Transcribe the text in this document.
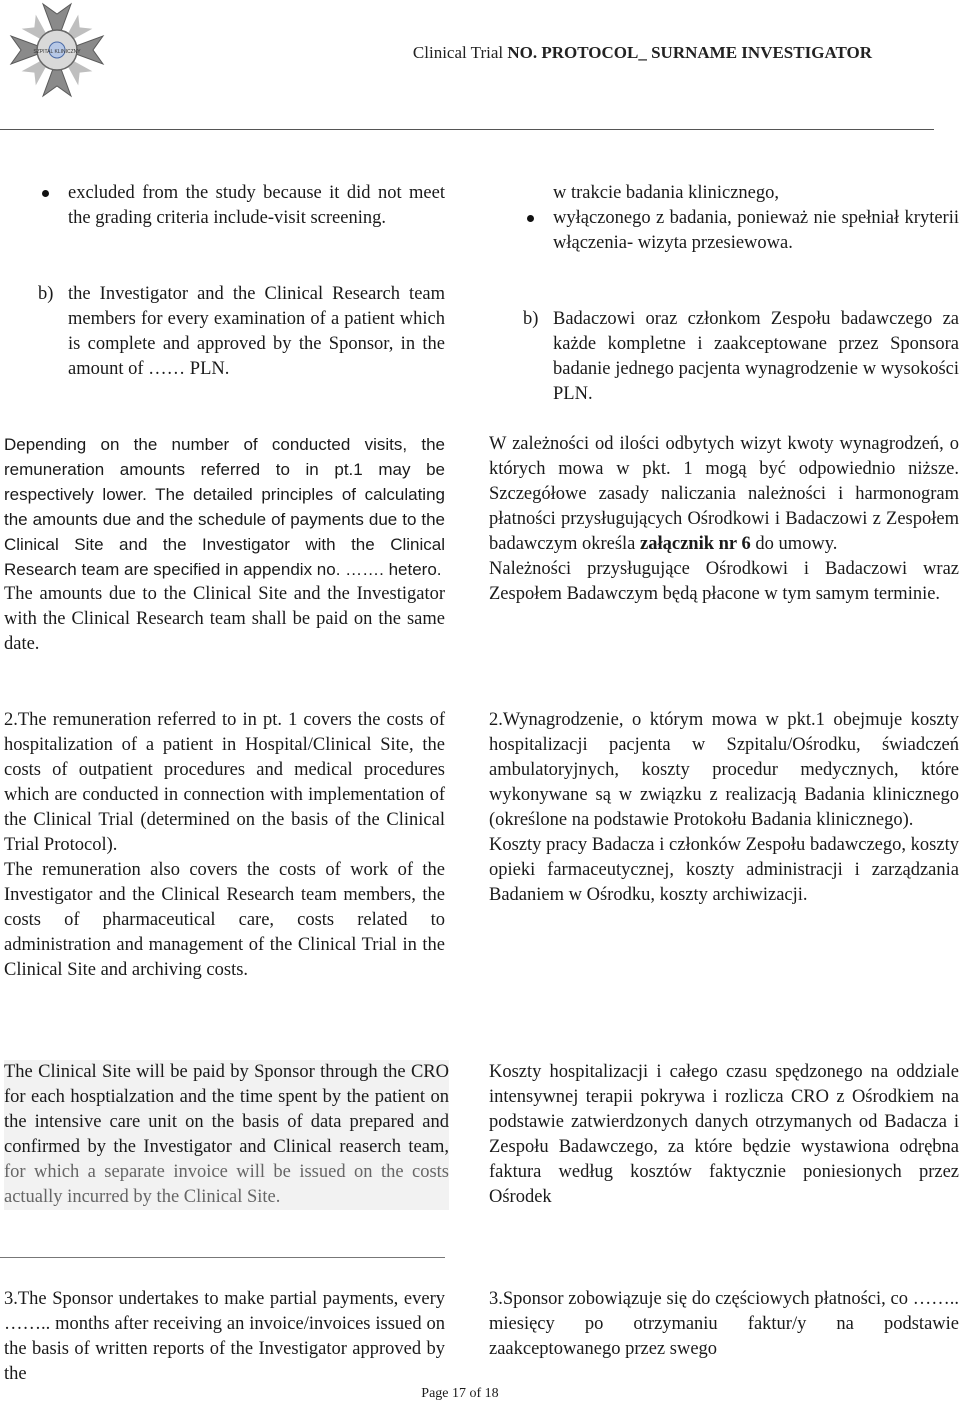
SZPITAL KLINICZNY	Clinical Trial NO. PROTOCOL_ SURNAME INVESTIGATOR

excluded from the study because it did not meet the grading criteria include-visit screening.

b) the Investigator and the Clinical Research team members for every examination of a patient which is complete and approved by the Sponsor, in the amount of …… PLN.

Depending on the number of conducted visits, the remuneration amounts referred to in pt.1 may be respectively lower. The detailed principles of calculating the amounts due and the schedule of payments due to the Clinical Site and the Investigator with the Clinical Research team are specified in appendix no. ……. hetero.

The amounts due to the Clinical Site and the Investigator with the Clinical Research team shall be paid on the same date.

2.The remuneration referred to in pt. 1 covers the costs of hospitalization of a patient in Hospital/Clinical Site, the costs of outpatient procedures and medical procedures which are conducted in connection with implementation of the Clinical Trial (determined on the basis of the Clinical Trial Protocol).

The remuneration also covers the costs of work of the Investigator and the Clinical Research team members, the costs of pharmaceutical care, costs related to administration and management of the Clinical Trial in the Clinical Site and archiving costs.

The Clinical Site will be paid by Sponsor through the CRO for each hosptialzation and the time spent by the patient on the intensive care unit on the basis of data prepared and confirmed by the Investigator and Clinical reaserch team, for which a separate invoice will be issued on the costs actually incurred by the Clinical Site.

3.The Sponsor undertakes to make partial payments, every …….. months after receiving an invoice/invoices issued on the basis of written reports of the Investigator approved by the

w trakcie badania klinicznego,

wyłączonego z badania, ponieważ nie spełniał kryterii włączenia- wizyta przesiewowa.

b) Badaczowi oraz członkom Zespołu badawczego za każde kompletne i zaakceptowane przez Sponsora badanie jednego pacjenta wynagrodzenie w wysokości PLN.

W zależności od ilości odbytych wizyt kwoty wynagrodzeń, o których mowa w pkt. 1 mogą być odpowiednio niższe. Szczegółowe zasady naliczania należności i harmonogram płatności przysługujących Ośrodkowi i Badaczowi z Zespołem badawczym określa załącznik nr 6 do umowy.

Należności przysługujące Ośrodkowi i Badaczowi wraz Zespołem Badawczym będą płacone w tym samym terminie.

2.Wynagrodzenie, o którym mowa w pkt.1 obejmuje koszty hospitalizacji pacjenta w Szpitalu/Ośrodku, świadczeń ambulatoryjnych, koszty procedur medycznych, które wykonywane są w związku z realizacją Badania klinicznego (określone na podstawie Protokołu Badania klinicznego).

Koszty pracy Badacza i członków Zespołu badawczego, koszty opieki farmaceutycznej, koszty administracji i zarządzania Badaniem w Ośrodku, koszty archiwizacji.

Koszty hospitalizacji i całego czasu spędzonego na oddziale intensywnej terapii pokrywa i rozlicza CRO z Ośrodkiem na podstawie zatwierdzonych danych otrzymanych od Badacza i Zespołu Badawczego, za które będzie wystawiona odrębna faktura według kosztów faktycznie poniesionych przez Ośrodek

3.Sponsor zobowiązuje się do częściowych płatności, co …….. miesięcy po otrzymaniu faktur/y na podstawie zaakceptowanego przez swego

Page 17 of 18
